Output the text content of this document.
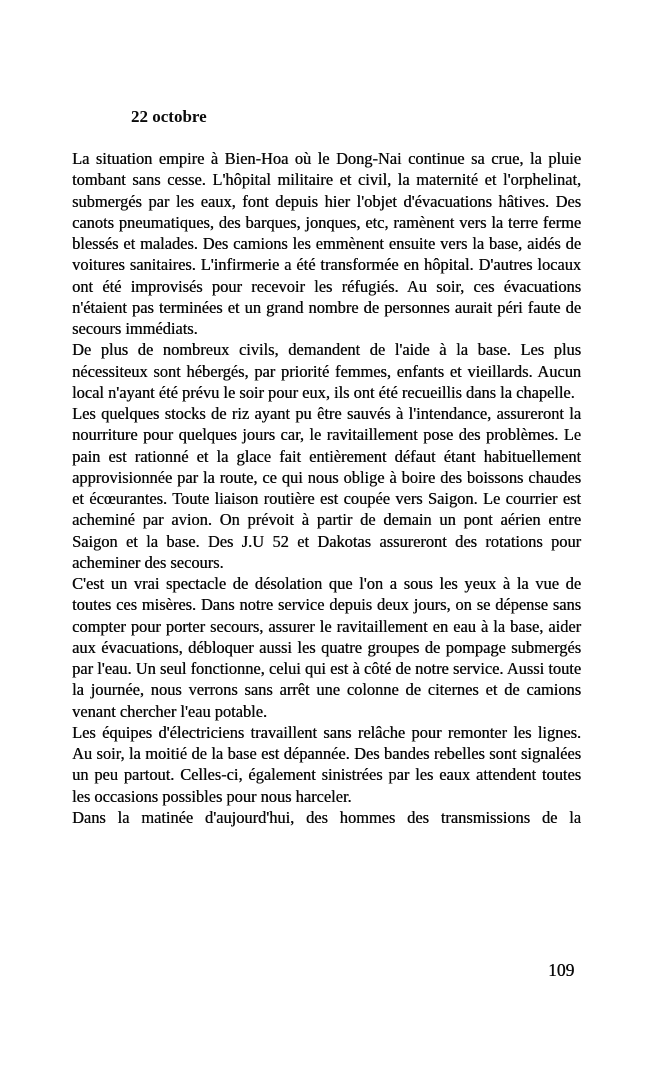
22 octobre

La situation empire à Bien-Hoa où le Dong-Nai continue sa crue, la pluie tombant sans cesse. L'hôpital militaire et civil, la maternité et l'orphelinat, submergés par les eaux, font depuis hier l'objet d'évacuations hâtives. Des canots pneumatiques, des barques, jonques, etc, ramènent vers la terre ferme blessés et malades. Des camions les emmènent ensuite vers la base, aidés de voitures sanitaires. L'infirmerie a été transformée en hôpital. D'autres locaux ont été improvisés pour recevoir les réfugiés. Au soir, ces évacuations n'étaient pas terminées et un grand nombre de personnes aurait péri faute de secours immédiats.

De plus de nombreux civils, demandent de l'aide à la base. Les plus nécessiteux sont hébergés, par priorité femmes, enfants et vieillards. Aucun local n'ayant été prévu le soir pour eux, ils ont été recueillis dans la chapelle.

Les quelques stocks de riz ayant pu être sauvés à l'intendance, assureront la nourriture pour quelques jours car, le ravitaillement pose des problèmes. Le pain est rationné et la glace fait entièrement défaut étant habituellement approvisionnée par la route, ce qui nous oblige à boire des boissons chaudes et écœurantes. Toute liaison routière est coupée vers Saigon. Le courrier est acheminé par avion. On prévoit à partir de demain un pont aérien entre Saigon et la base. Des J.U 52 et Dakotas assureront des rotations pour acheminer des secours.

C'est un vrai spectacle de désolation que l'on a sous les yeux à la vue de toutes ces misères. Dans notre service depuis deux jours, on se dépense sans compter pour porter secours, assurer le ravitaillement en eau à la base, aider aux évacuations, débloquer aussi les quatre groupes de pompage submergés par l'eau. Un seul fonctionne, celui qui est à côté de notre service. Aussi toute la journée, nous verrons sans arrêt une colonne de citernes et de camions venant chercher l'eau potable.

Les équipes d'électriciens travaillent sans relâche pour remonter les lignes. Au soir, la moitié de la base est dépannée. Des bandes rebelles sont signalées un peu partout. Celles-ci, également sinistrées par les eaux attendent toutes les occasions possibles pour nous harceler.

Dans la matinée d'aujourd'hui, des hommes des transmissions de la

109
